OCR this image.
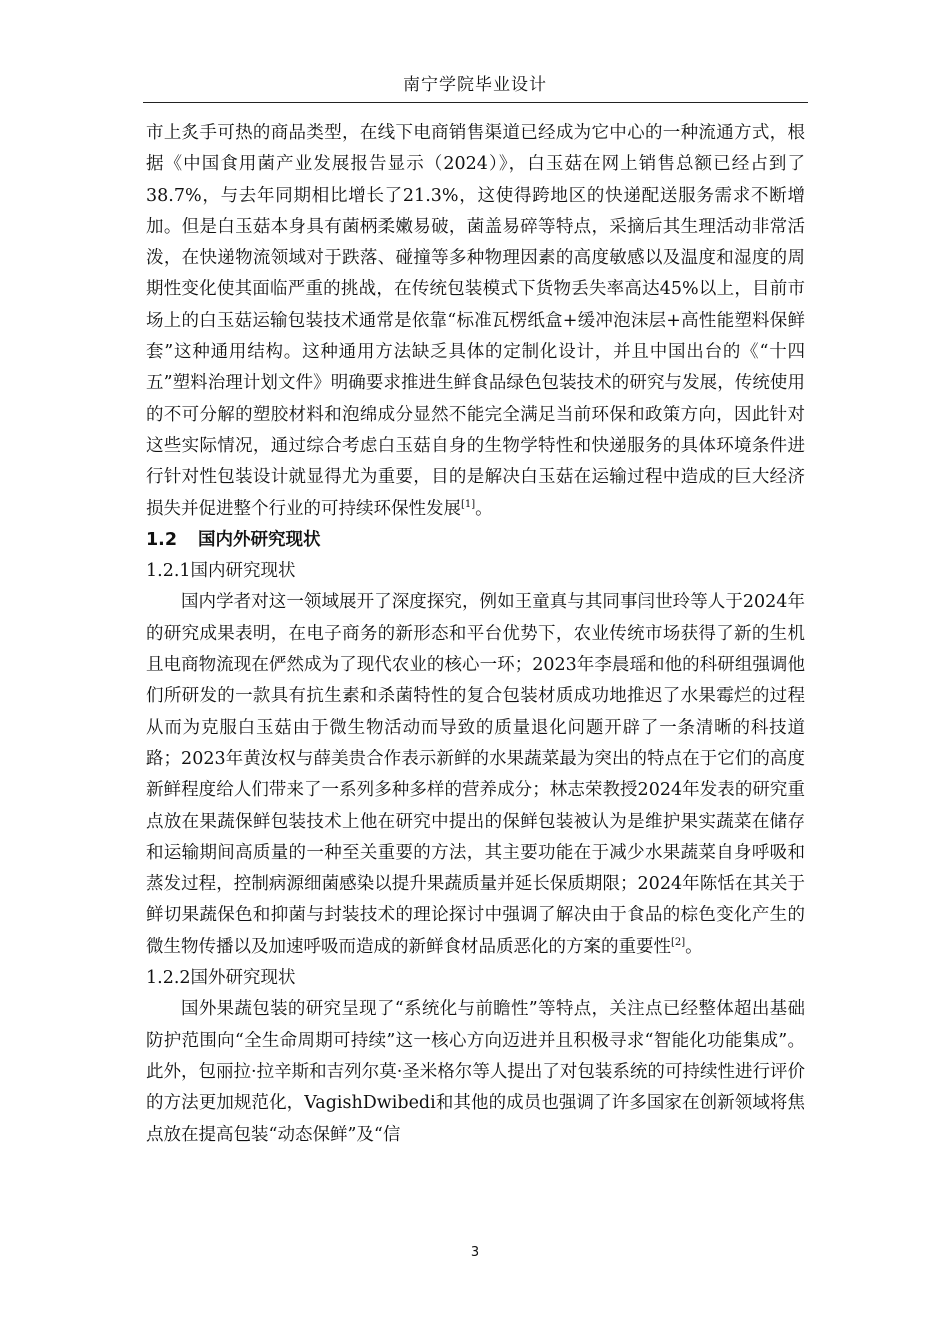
南宁学院毕业设计

市上炙手可热的商品类型，在线下电商销售渠道已经成为它中心的一种流通方式，根据《中国食用菌产业发展报告显示（2024）》，白玉菇在网上销售总额已经占到了38.7%，与去年同期相比增长了21.3%，这使得跨地区的快递配送服务需求不断增加。但是白玉菇本身具有菌柄柔嫩易破，菌盖易碎等特点，采摘后其生理活动非常活泼，在快递物流领域对于跌落、碰撞等多种物理因素的高度敏感以及温度和湿度的周期性变化使其面临严重的挑战，在传统包装模式下货物丢失率高达45%以上，目前市场上的白玉菇运输包装技术通常是依靠“标准瓦楞纸盒+缓冲泡沫层+高性能塑料保鲜套”这种通用结构。这种通用方法缺乏具体的定制化设计，并且中国出台的《“十四五”塑料治理计划文件》明确要求推进生鲜食品绿色包装技术的研究与发展，传统使用的不可分解的塑胶材料和泡绵成分显然不能完全满足当前环保和政策方向，因此针对这些实际情况，通过综合考虑白玉菇自身的生物学特性和快递服务的具体环境条件进行针对性包装设计就显得尤为重要，目的是解决白玉菇在运输过程中造成的巨大经济损失并促进整个行业的可持续环保性发展[1]。

1.2 国内外研究现状
1.2.1国内研究现状

国内学者对这一领域展开了深度探究，例如王童真与其同事闫世玲等人于2024年的研究成果表明，在电子商务的新形态和平台优势下，农业传统市场获得了新的生机且电商物流现在俨然成为了现代农业的核心一环；2023年李晨瑶和他的科研组强调他们所研发的一款具有抗生素和杀菌特性的复合包装材质成功地推迟了水果霉烂的过程从而为克服白玉菇由于微生物活动而导致的质量退化问题开辟了一条清晰的科技道路；2023年黄汝权与薛美贵合作表示新鲜的水果蔬菜最为突出的特点在于它们的高度新鲜程度给人们带来了一系列多种多样的营养成分；林志荣教授2024年发表的研究重点放在果蔬保鲜包装技术上他在研究中提出的保鲜包装被认为是维护果实蔬菜在储存和运输期间高质量的一种至关重要的方法，其主要功能在于减少水果蔬菜自身呼吸和蒸发过程，控制病源细菌感染以提升果蔬质量并延长保质期限；2024年陈恬在其关于鲜切果蔬保色和抑菌与封装技术的理论探讨中强调了解决由于食品的棕色变化产生的微生物传播以及加速呼吸而造成的新鲜食材品质恶化的方案的重要性[2]。

1.2.2国外研究现状

国外果蔬包装的研究呈现了“系统化与前瞻性”等特点，关注点已经整体超出基础防护范围向“全生命周期可持续”这一核心方向迈进并且积极寻求“智能化功能集成”。此外，包丽拉·拉辛斯和吉列尔莫·圣米格尔等人提出了对包装系统的可持续性进行评价的方法更加规范化，VagishDwibedi和其他的成员也强调了许多国家在创新领域将焦点放在提高包装“动态保鲜”及“信

3
